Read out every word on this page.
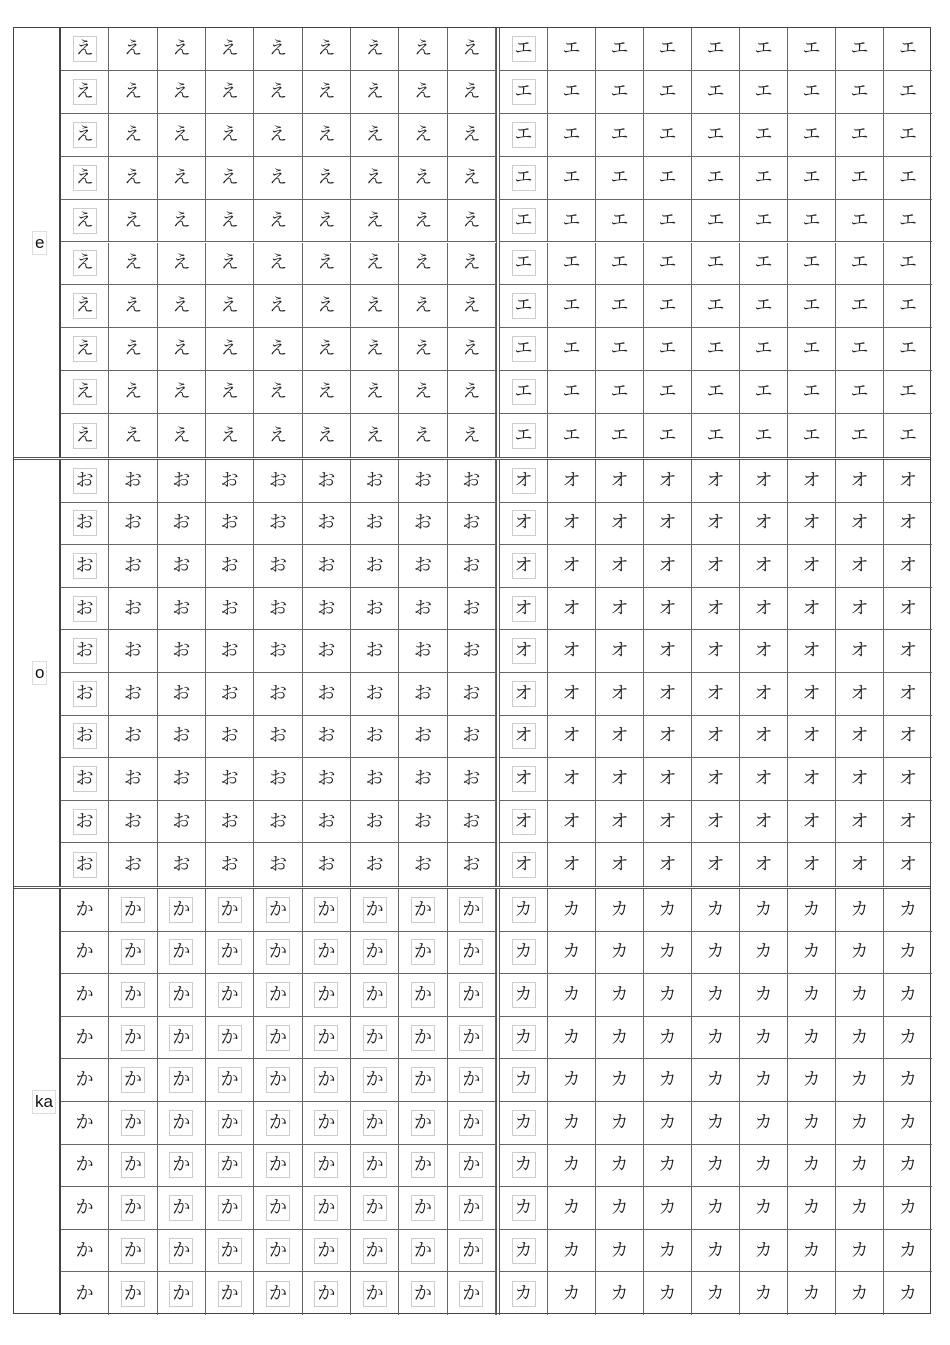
e
え え え え え え え え え
え え え え え え え え え
え え え え え え え え え
え え え え え え え え え
え え え え え え え え え
え え え え え え え え え
え え え え え え え え え
え え え え え え え え え
え え え え え え え え え
え え え え え え え え え
エ エ エ エ エ エ エ エ エ
エ エ エ エ エ エ エ エ エ
エ エ エ エ エ エ エ エ エ
エ エ エ エ エ エ エ エ エ
エ エ エ エ エ エ エ エ エ
エ エ エ エ エ エ エ エ エ
エ エ エ エ エ エ エ エ エ
エ エ エ エ エ エ エ エ エ
エ エ エ エ エ エ エ エ エ
エ エ エ エ エ エ エ エ エ
o
お お お お お お お お お
お お お お お お お お お
お お お お お お お お お
お お お お お お お お お
お お お お お お お お お
お お お お お お お お お
お お お お お お お お お
お お お お お お お お お
お お お お お お お お お
お お お お お お お お お
オ オ オ オ オ オ オ オ オ
オ オ オ オ オ オ オ オ オ
オ オ オ オ オ オ オ オ オ
オ オ オ オ オ オ オ オ オ
オ オ オ オ オ オ オ オ オ
オ オ オ オ オ オ オ オ オ
オ オ オ オ オ オ オ オ オ
オ オ オ オ オ オ オ オ オ
オ オ オ オ オ オ オ オ オ
オ オ オ オ オ オ オ オ オ
ka
か か か か か か か か か
か か か か か か か か か
か か か か か か か か か
か か か か か か か か か
か か か か か か か か か
か か か か か か か か か
か か か か か か か か か
か か か か か か か か か
か か か か か か か か か
か か か か か か か か か
カ カ カ カ カ カ カ カ カ
カ カ カ カ カ カ カ カ カ
カ カ カ カ カ カ カ カ カ
カ カ カ カ カ カ カ カ カ
カ カ カ カ カ カ カ カ カ
カ カ カ カ カ カ カ カ カ
カ カ カ カ カ カ カ カ カ
カ カ カ カ カ カ カ カ カ
カ カ カ カ カ カ カ カ カ
カ カ カ カ カ カ カ カ カ
